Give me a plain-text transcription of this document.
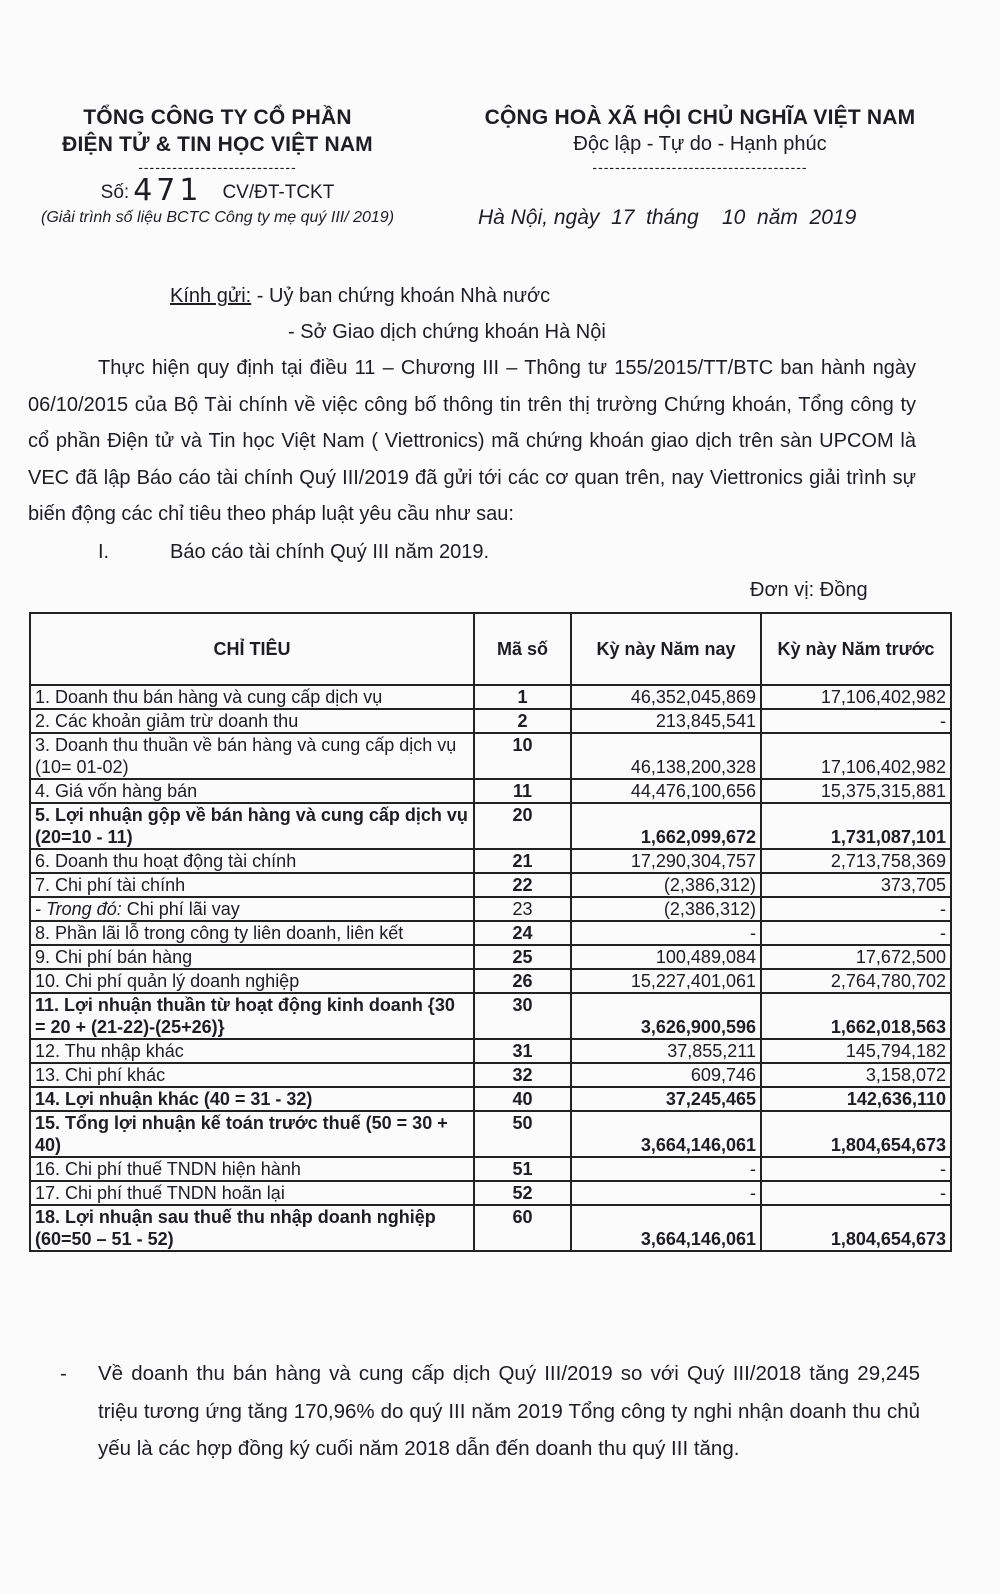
TỔNG CÔNG TY CỔ PHẦN
ĐIỆN TỬ & TIN HỌC VIỆT NAM
----------------------------
Số: 471 CV/ĐT-TCKT
(Giải trình số liệu BCTC Công ty mẹ quý III/ 2019)
CỘNG HOÀ XÃ HỘI CHỦ NGHĨA VIỆT NAM
Độc lập - Tự do - Hạnh phúc
--------------------------------------
Hà Nội, ngày  17  tháng    10  năm  2019
Kính gửi: - Uỷ ban chứng khoán Nhà nước
- Sở Giao dịch chứng khoán Hà Nội

Thực hiện quy định tại điều 11 – Chương III – Thông tư 155/2015/TT/BTC ban hành ngày 06/10/2015 của Bộ Tài chính về việc công bố thông tin trên thị trường Chứng khoán, Tổng công ty cổ phần Điện tử và Tin học Việt Nam ( Viettronics) mã chứng khoán giao dịch trên sàn UPCOM là VEC đã lập Báo cáo tài chính Quý III/2019 đã gửi tới các cơ quan trên, nay Viettronics giải trình sự biến động các chỉ tiêu theo pháp luật yêu cầu như sau:

I.	Báo cáo tài chính Quý III năm 2019.
Đơn vị: Đồng
CHỈ TIÊU	Mã số	Kỳ này Năm nay	Kỳ này Năm trước
1. Doanh thu bán hàng và cung cấp dịch vụ	1	46,352,045,869	17,106,402,982
2. Các khoản giảm trừ doanh thu	2	213,845,541	-
3. Doanh thu thuần về bán hàng và cung cấp dịch vụ (10= 01-02)	10	46,138,200,328	17,106,402,982
4. Giá vốn hàng bán	11	44,476,100,656	15,375,315,881
5. Lợi nhuận gộp về bán hàng và cung cấp dịch vụ (20=10 - 11)	20	1,662,099,672	1,731,087,101
6. Doanh thu hoạt động tài chính	21	17,290,304,757	2,713,758,369
7. Chi phí tài chính	22	(2,386,312)	373,705
- Trong đó: Chi phí lãi vay	23	(2,386,312)	-
8. Phần lãi lỗ trong công ty liên doanh, liên kết	24	-	-
9. Chi phí bán hàng	25	100,489,084	17,672,500
10. Chi phí quản lý doanh nghiệp	26	15,227,401,061	2,764,780,702
11. Lợi nhuận thuần từ hoạt động kinh doanh {30 = 20 + (21-22)-(25+26)}	30	3,626,900,596	1,662,018,563
12. Thu nhập khác	31	37,855,211	145,794,182
13. Chi phí khác	32	609,746	3,158,072
14. Lợi nhuận khác (40 = 31 - 32)	40	37,245,465	142,636,110
15. Tổng lợi nhuận kế toán trước thuế (50 = 30 + 40)	50	3,664,146,061	1,804,654,673
16. Chi phí thuế TNDN hiện hành	51	-	-
17. Chi phí thuế TNDN hoãn lại	52	-	-
18. Lợi nhuận sau thuế thu nhập doanh nghiệp (60=50 – 51 - 52)	60	3,664,146,061	1,804,654,673
- Về doanh thu bán hàng và cung cấp dịch Quý III/2019 so với Quý III/2018 tăng 29,245 triệu tương ứng tăng 170,96% do quý III năm 2019 Tổng công ty nghi nhận doanh thu chủ yếu là các hợp đồng ký cuối năm 2018 dẫn đến doanh thu quý III tăng.
